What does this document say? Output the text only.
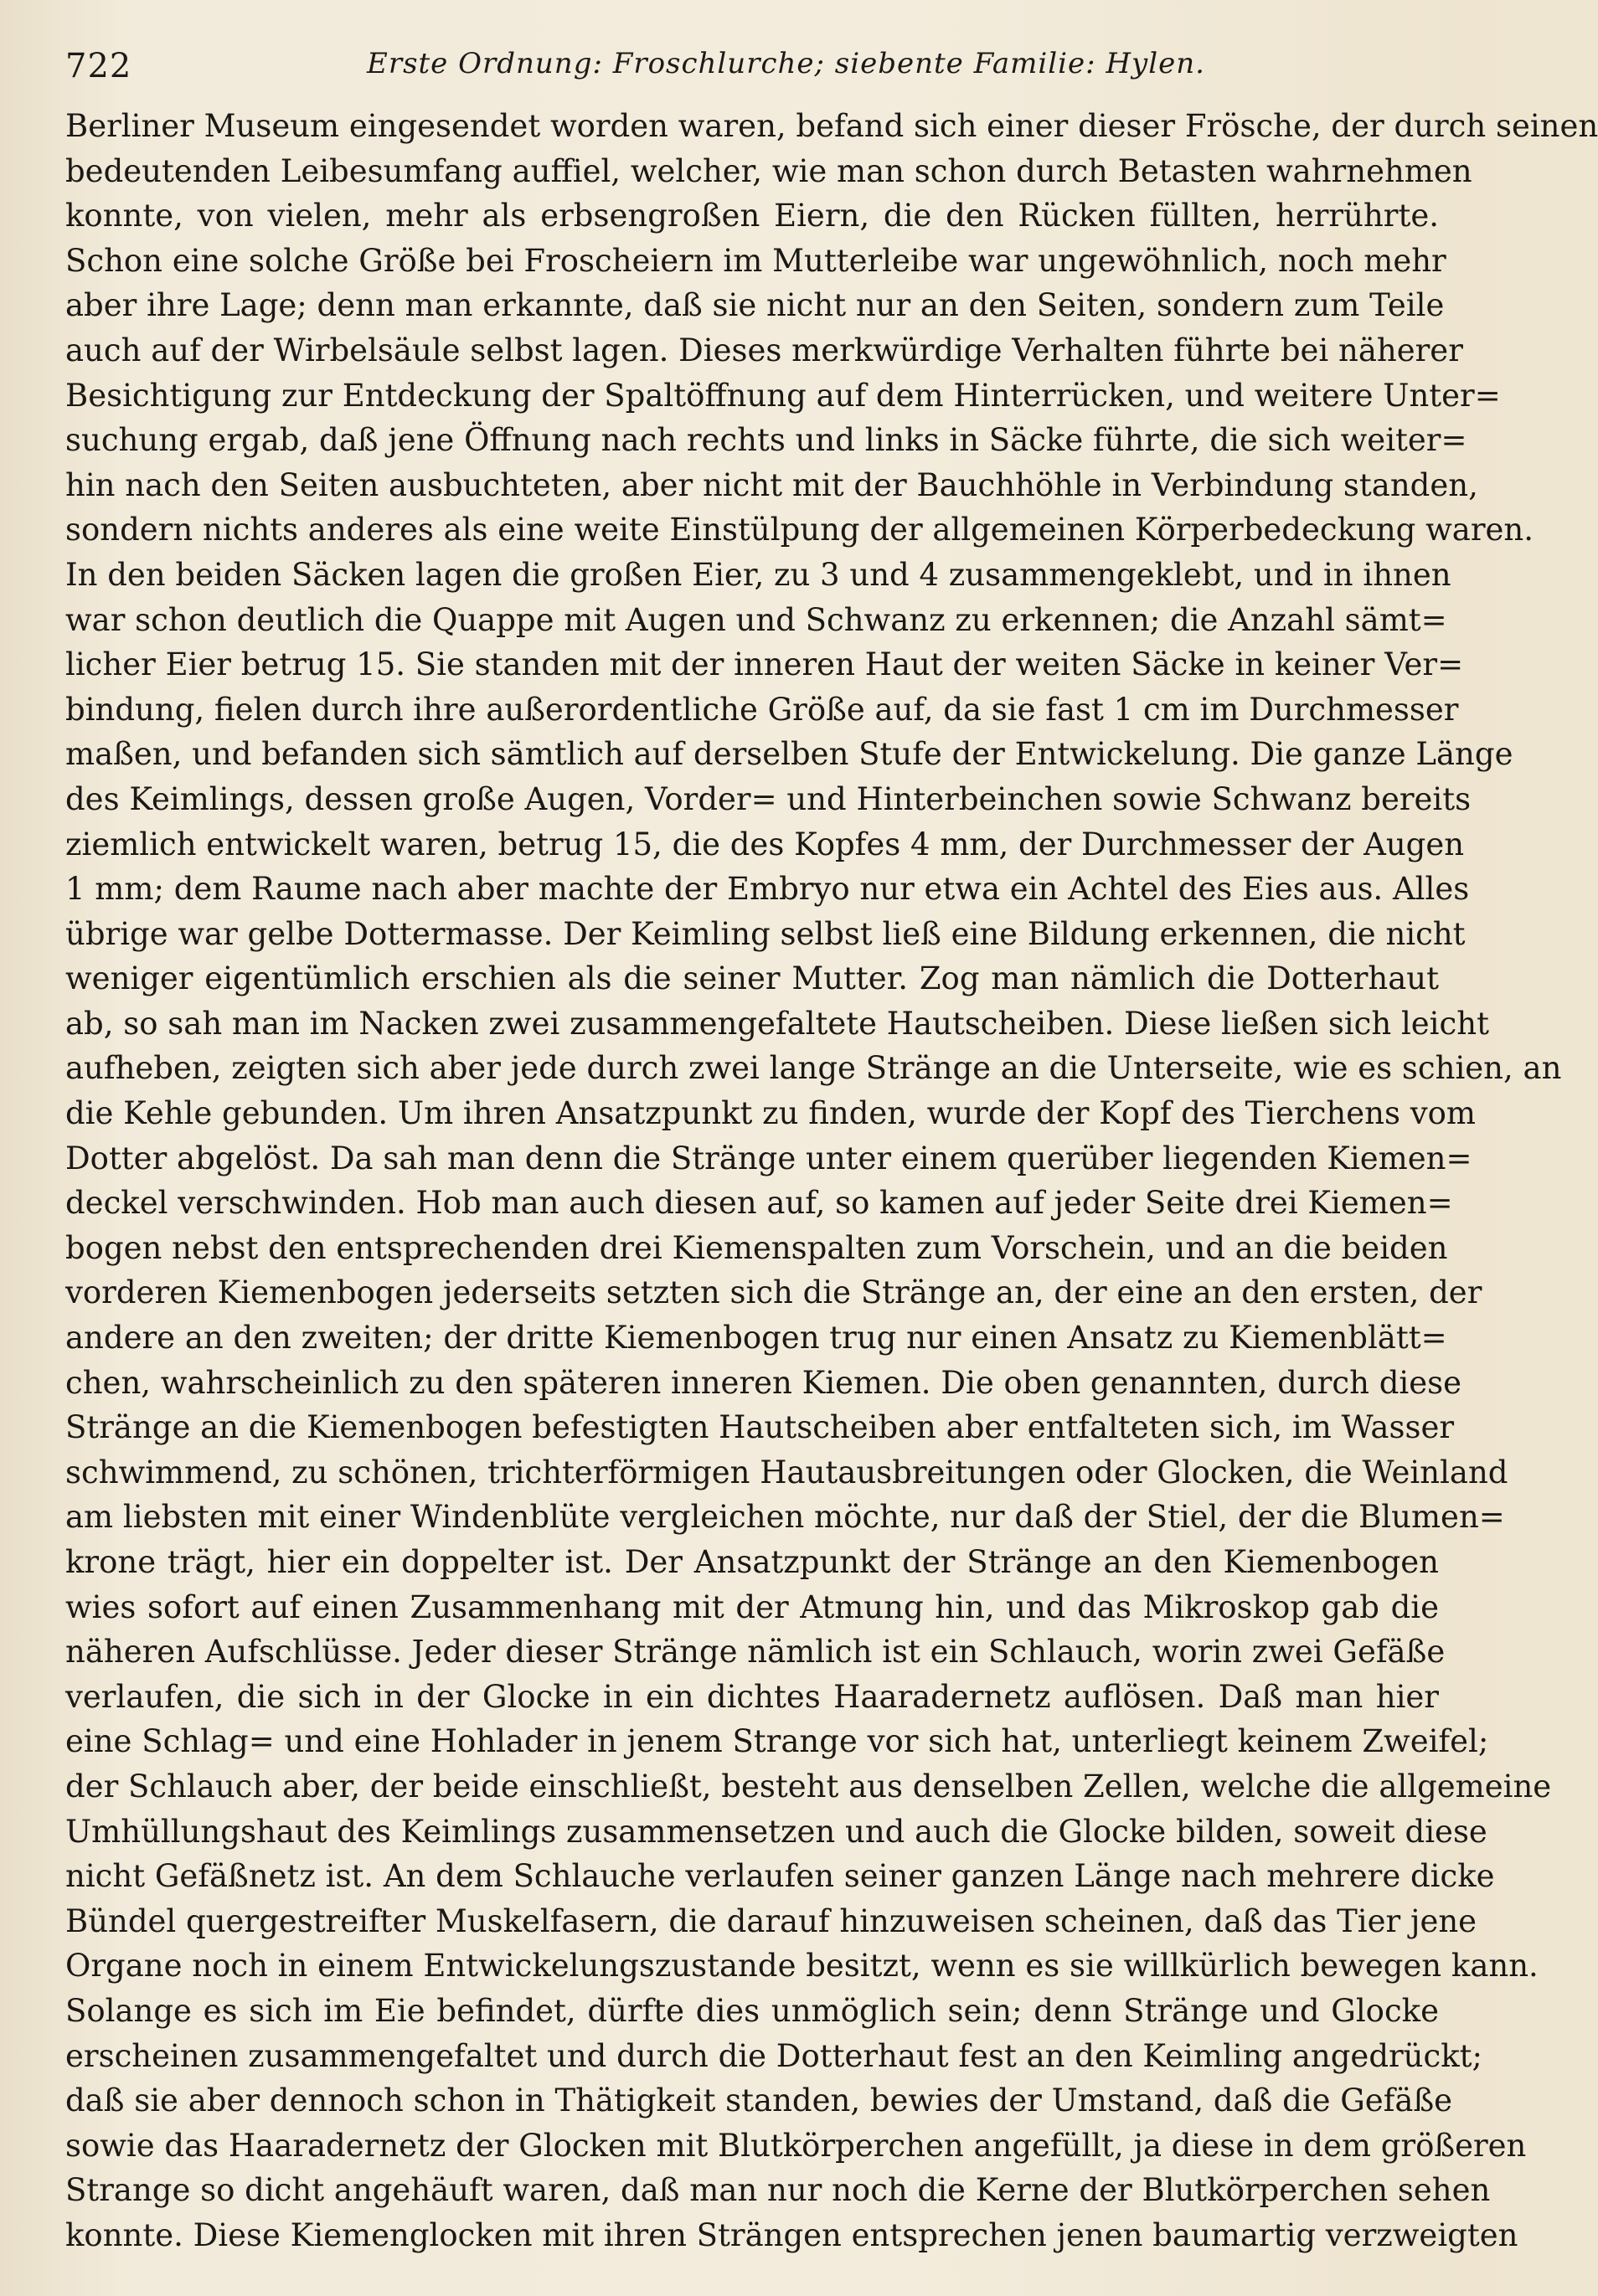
722	Erste Ordnung: Froschlurche; siebente Familie: Hylen.
Berliner Museum eingesendet worden waren, befand sich einer dieser Frösche, der durch seinen
bedeutenden Leibesumfang auffiel, welcher, wie man schon durch Betasten wahrnehmen
konnte, von vielen, mehr als erbsengroßen Eiern, die den Rücken füllten, herrührte.
Schon eine solche Größe bei Froscheiern im Mutterleibe war ungewöhnlich, noch mehr
aber ihre Lage; denn man erkannte, daß sie nicht nur an den Seiten, sondern zum Teile
auch auf der Wirbelsäule selbst lagen. Dieses merkwürdige Verhalten führte bei näherer
Besichtigung zur Entdeckung der Spaltöffnung auf dem Hinterrücken, und weitere Unter=
suchung ergab, daß jene Öffnung nach rechts und links in Säcke führte, die sich weiter=
hin nach den Seiten ausbuchteten, aber nicht mit der Bauchhöhle in Verbindung standen,
sondern nichts anderes als eine weite Einstülpung der allgemeinen Körperbedeckung waren.
In den beiden Säcken lagen die großen Eier, zu 3 und 4 zusammengeklebt, und in ihnen
war schon deutlich die Quappe mit Augen und Schwanz zu erkennen; die Anzahl sämt=
licher Eier betrug 15. Sie standen mit der inneren Haut der weiten Säcke in keiner Ver=
bindung, fielen durch ihre außerordentliche Größe auf, da sie fast 1 cm im Durchmesser
maßen, und befanden sich sämtlich auf derselben Stufe der Entwickelung. Die ganze Länge
des Keimlings, dessen große Augen, Vorder= und Hinterbeinchen sowie Schwanz bereits
ziemlich entwickelt waren, betrug 15, die des Kopfes 4 mm, der Durchmesser der Augen
1 mm; dem Raume nach aber machte der Embryo nur etwa ein Achtel des Eies aus. Alles
übrige war gelbe Dottermasse. Der Keimling selbst ließ eine Bildung erkennen, die nicht
weniger eigentümlich erschien als die seiner Mutter. Zog man nämlich die Dotterhaut
ab, so sah man im Nacken zwei zusammengefaltete Hautscheiben. Diese ließen sich leicht
aufheben, zeigten sich aber jede durch zwei lange Stränge an die Unterseite, wie es schien, an
die Kehle gebunden. Um ihren Ansatzpunkt zu finden, wurde der Kopf des Tierchens vom
Dotter abgelöst. Da sah man denn die Stränge unter einem querüber liegenden Kiemen=
deckel verschwinden. Hob man auch diesen auf, so kamen auf jeder Seite drei Kiemen=
bogen nebst den entsprechenden drei Kiemenspalten zum Vorschein, und an die beiden
vorderen Kiemenbogen jederseits setzten sich die Stränge an, der eine an den ersten, der
andere an den zweiten; der dritte Kiemenbogen trug nur einen Ansatz zu Kiemenblätt=
chen, wahrscheinlich zu den späteren inneren Kiemen. Die oben genannten, durch diese
Stränge an die Kiemenbogen befestigten Hautscheiben aber entfalteten sich, im Wasser
schwimmend, zu schönen, trichterförmigen Hautausbreitungen oder Glocken, die Weinland
am liebsten mit einer Windenblüte vergleichen möchte, nur daß der Stiel, der die Blumen=
krone trägt, hier ein doppelter ist. Der Ansatzpunkt der Stränge an den Kiemenbogen
wies sofort auf einen Zusammenhang mit der Atmung hin, und das Mikroskop gab die
näheren Aufschlüsse. Jeder dieser Stränge nämlich ist ein Schlauch, worin zwei Gefäße
verlaufen, die sich in der Glocke in ein dichtes Haaradernetz auflösen. Daß man hier
eine Schlag= und eine Hohlader in jenem Strange vor sich hat, unterliegt keinem Zweifel;
der Schlauch aber, der beide einschließt, besteht aus denselben Zellen, welche die allgemeine
Umhüllungshaut des Keimlings zusammensetzen und auch die Glocke bilden, soweit diese
nicht Gefäßnetz ist. An dem Schlauche verlaufen seiner ganzen Länge nach mehrere dicke
Bündel quergestreifter Muskelfasern, die darauf hinzuweisen scheinen, daß das Tier jene
Organe noch in einem Entwickelungszustande besitzt, wenn es sie willkürlich bewegen kann.
Solange es sich im Eie befindet, dürfte dies unmöglich sein; denn Stränge und Glocke
erscheinen zusammengefaltet und durch die Dotterhaut fest an den Keimling angedrückt;
daß sie aber dennoch schon in Thätigkeit standen, bewies der Umstand, daß die Gefäße
sowie das Haaradernetz der Glocken mit Blutkörperchen angefüllt, ja diese in dem größeren
Strange so dicht angehäuft waren, daß man nur noch die Kerne der Blutkörperchen sehen
konnte. Diese Kiemenglocken mit ihren Strängen entsprechen jenen baumartig verzweigten
